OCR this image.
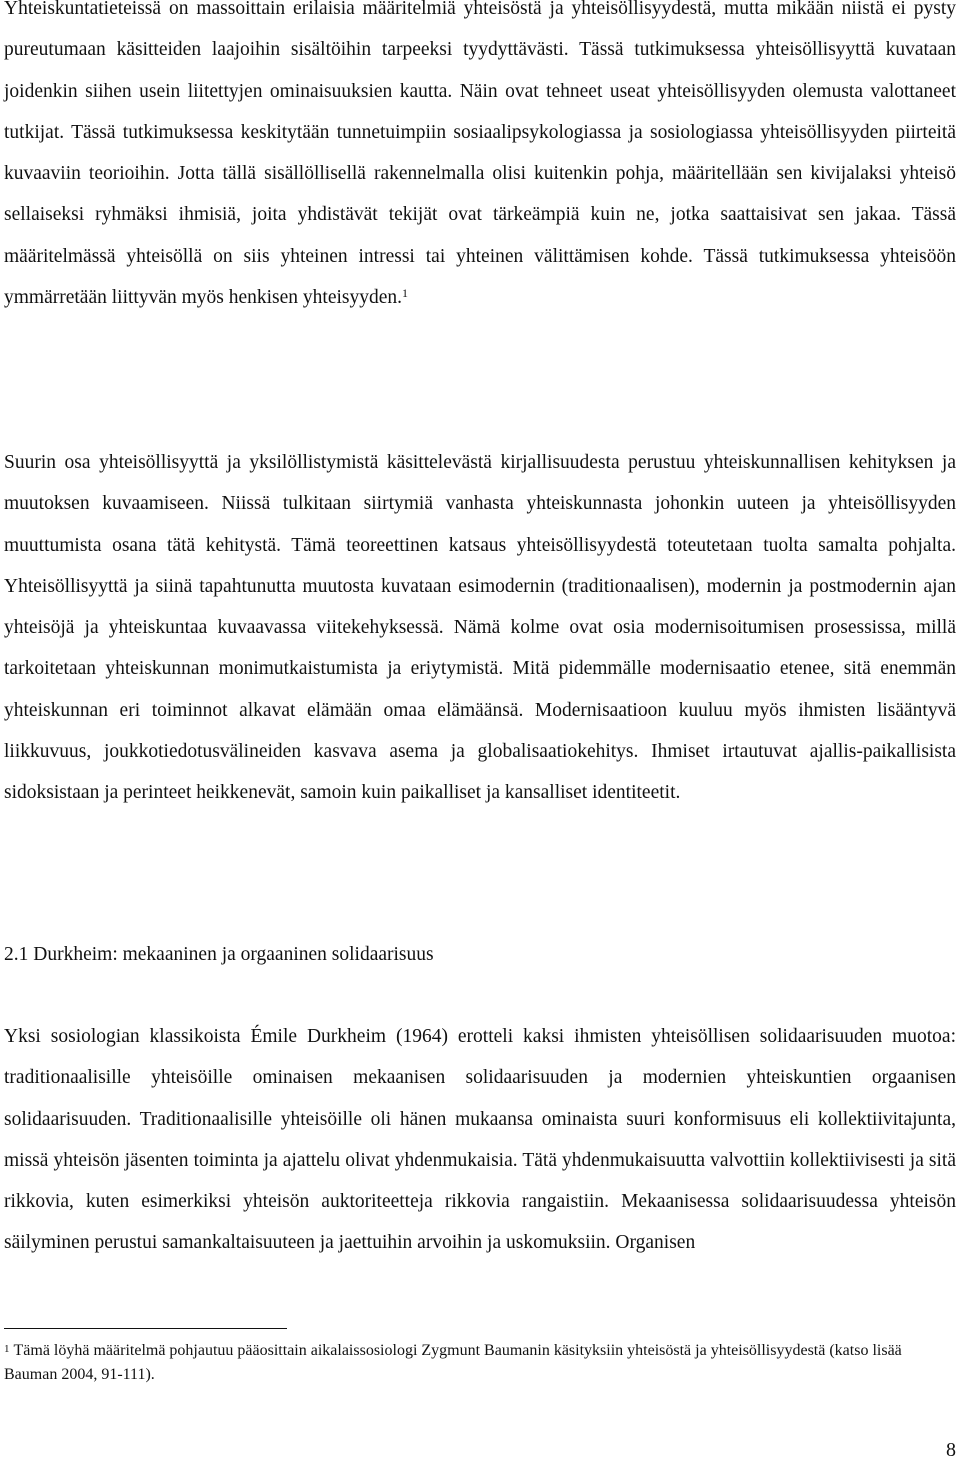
Yhteiskuntatieteissä on massoittain erilaisia määritelmiä yhteisöstä ja yhteisöllisyydestä, mutta mikään niistä ei pysty pureutumaan käsitteiden laajoihin sisältöihin tarpeeksi tyydyttävästi. Tässä tutkimuksessa yhteisöllisyyttä kuvataan joidenkin siihen usein liitettyjen ominaisuuksien kautta. Näin ovat tehneet useat yhteisöllisyyden olemusta valottaneet tutkijat. Tässä tutkimuksessa keskitytään tunnetuimpiin sosiaalipsykologiassa ja sosiologiassa yhteisöllisyyden piirteitä kuvaaviin teorioihin. Jotta tällä sisällöllisellä rakennelmalla olisi kuitenkin pohja, määritellään sen kivijalaksi yhteisö sellaiseksi ryhmäksi ihmisiä, joita yhdistävät tekijät ovat tärkeämpiä kuin ne, jotka saattaisivat sen jakaa. Tässä määritelmässä yhteisöllä on siis yhteinen intressi tai yhteinen välittämisen kohde. Tässä tutkimuksessa yhteisöön ymmärretään liittyvän myös henkisen yhteisyyden.$^1$

Suurin osa yhteisöllisyyttä ja yksilöllistymistä käsittelevästä kirjallisuudesta perustuu yhteiskunnallisen kehityksen ja muutoksen kuvaamiseen. Niissä tulkitaan siirtymiä vanhasta yhteiskunnasta johonkin uuteen ja yhteisöllisyyden muuttumista osana tätä kehitystä. Tämä teoreettinen katsaus yhteisöllisyydestä toteutetaan tuolta samalta pohjalta. Yhteisöllisyyttä ja siinä tapahtunutta muutosta kuvataan esimodernin (traditionaalisen), modernin ja postmodernin ajan yhteisöjä ja yhteiskuntaa kuvaavassa viitekehyksessä. Nämä kolme ovat osia modernisoitumisen prosessissa, millä tarkoitetaan yhteiskunnan monimutkaistumista ja eriytymistä. Mitä pidemmälle modernisaatio etenee, sitä enemmän yhteiskunnan eri toiminnot alkavat elämään omaa elämäänsä. Modernisaatioon kuuluu myös ihmisten lisääntyvä liikkuvuus, joukkotiedotusvälineiden kasvava asema ja globalisaatiokehitys. Ihmiset irtautuvat ajallis-paikallisista sidoksistaan ja perinteet heikkenevät, samoin kuin paikalliset ja kansalliset identiteetit.

2.1 Durkheim: mekaaninen ja orgaaninen solidaarisuus

Yksi sosiologian klassikoista Émile Durkheim (1964) erotteli kaksi ihmisten yhteisöllisen solidaarisuuden muotoa: traditionaalisille yhteisöille ominaisen mekaanisen solidaarisuuden ja modernien yhteiskuntien orgaanisen solidaarisuuden. Traditionaalisille yhteisöille oli hänen mukaansa ominaista suuri konformisuus eli kollektiivitajunta, missä yhteisön jäsenten toiminta ja ajattelu olivat yhdenmukaisia. Tätä yhdenmukaisuutta valvottiin kollektiivisesti ja sitä rikkovia, kuten esimerkiksi yhteisön auktoriteetteja rikkovia rangaistiin. Mekaanisessa solidaarisuudessa yhteisön säilyminen perustui samankaltaisuuteen ja jaettuihin arvoihin ja uskomuksiin. Organisen

$^1$ Tämä löyhä määritelmä pohjautuu pääosittain aikalaissosiologi Zygmunt Baumanin käsityksiin yhteisöstä ja yhteisöllisyydestä (katso lisää Bauman 2004, 91-111).

8
